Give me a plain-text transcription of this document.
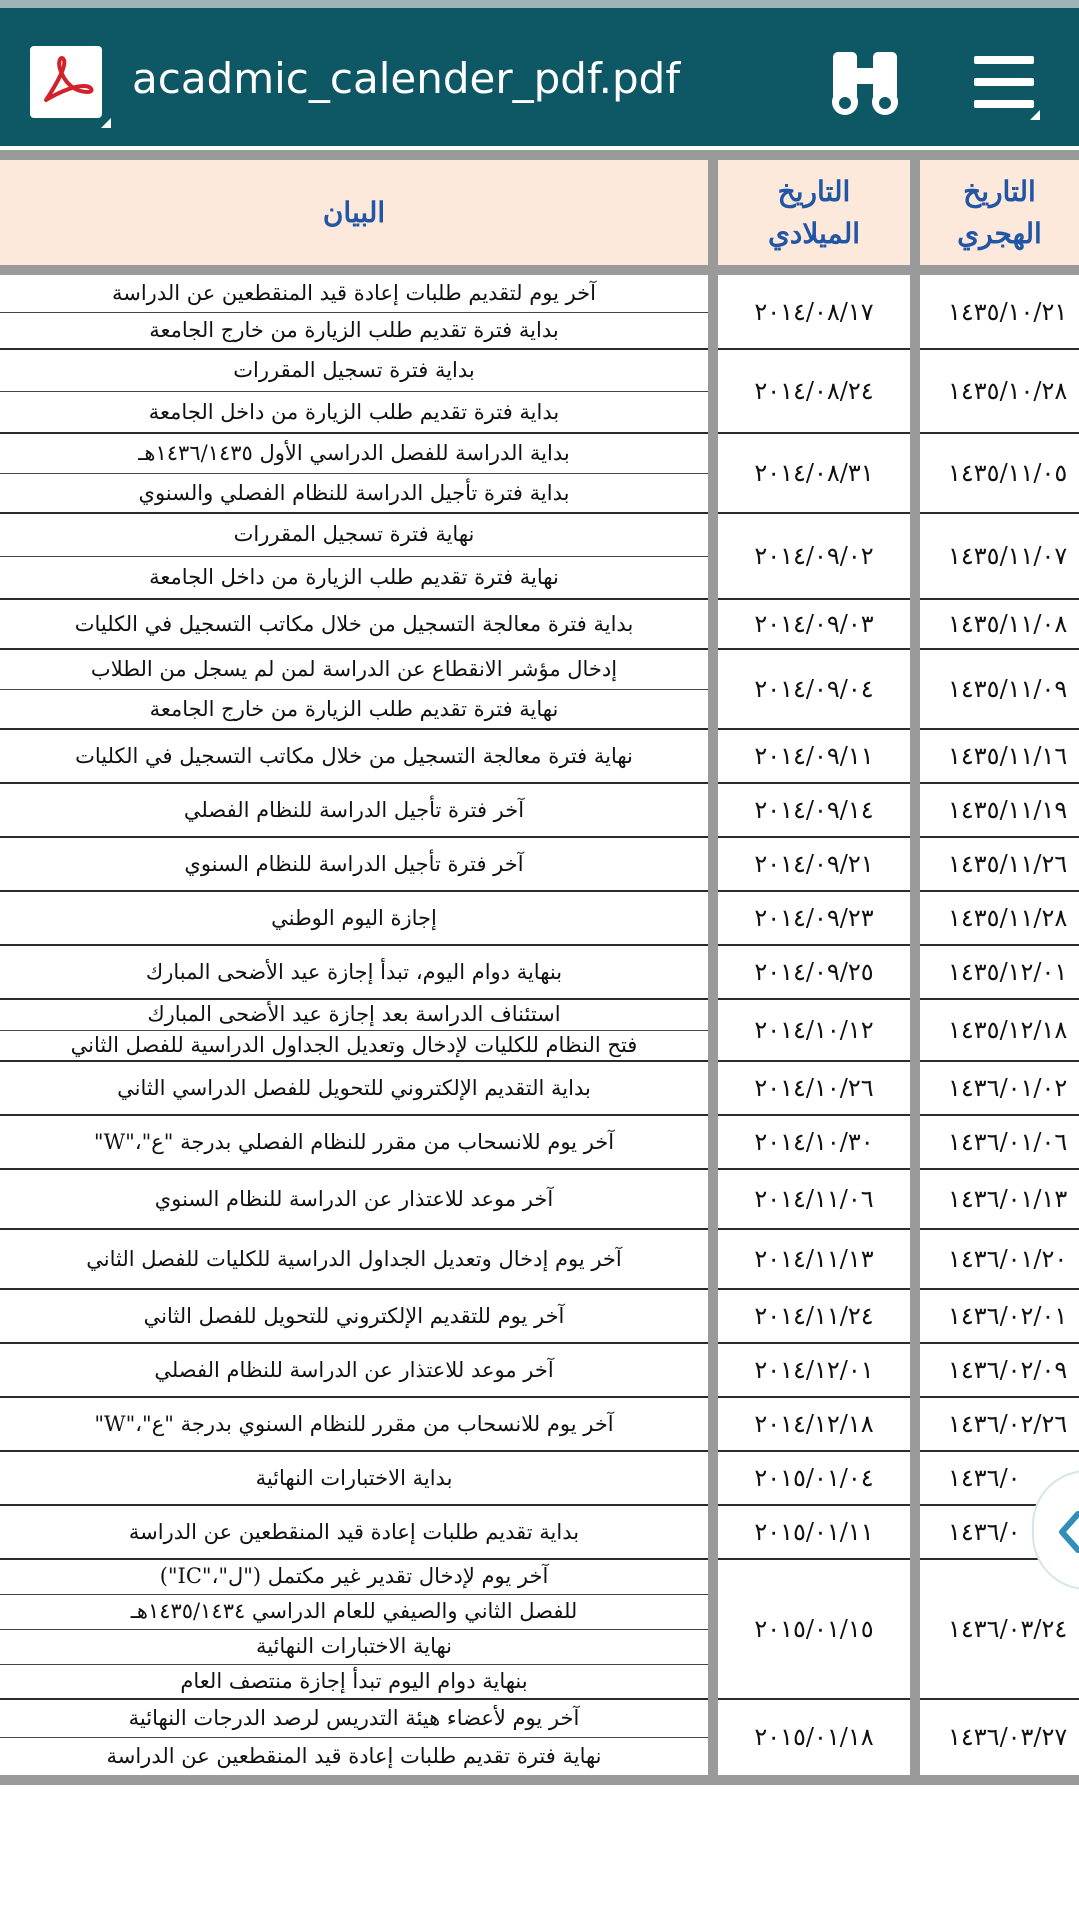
acadmic_calender_pdf.pdf
البيان
التاريخ
الميلادي
التاريخ
الهجري
آخر يوم لتقديم طلبات إعادة قيد المنقطعين عن الدراسة
بداية فترة تقديم طلب الزيارة من خارج الجامعة
بداية فترة تسجيل المقررات
بداية فترة تقديم طلب الزيارة من داخل الجامعة
بداية الدراسة للفصل الدراسي الأول ١٤٣٦/١٤٣٥هـ
بداية فترة تأجيل الدراسة للنظام الفصلي والسنوي
نهاية فترة تسجيل المقررات
نهاية فترة تقديم طلب الزيارة من داخل الجامعة
بداية فترة معالجة التسجيل من خلال مكاتب التسجيل في الكليات
إدخال مؤشر الانقطاع عن الدراسة لمن لم يسجل من الطلاب
نهاية فترة تقديم طلب الزيارة من خارج الجامعة
نهاية فترة معالجة التسجيل من خلال مكاتب التسجيل في الكليات
آخر فترة تأجيل الدراسة للنظام الفصلي
آخر فترة تأجيل الدراسة للنظام السنوي
إجازة اليوم الوطني
بنهاية دوام اليوم، تبدأ إجازة عيد الأضحى المبارك
استئناف الدراسة بعد إجازة عيد الأضحى المبارك
فتح النظام للكليات لإدخال وتعديل الجداول الدراسية للفصل الثاني
بداية التقديم الإلكتروني للتحويل للفصل الدراسي الثاني
آخر يوم للانسحاب من مقرر للنظام الفصلي بدرجة "ع"،"W"
آخر موعد للاعتذار عن الدراسة للنظام السنوي
آخر يوم إدخال وتعديل الجداول الدراسية للكليات للفصل الثاني
آخر يوم للتقديم الإلكتروني للتحويل للفصل الثاني
آخر موعد للاعتذار عن الدراسة للنظام الفصلي
آخر يوم للانسحاب من مقرر للنظام السنوي بدرجة "ع"،"W"
بداية الاختبارات النهائية
بداية تقديم طلبات إعادة قيد المنقطعين عن الدراسة
آخر يوم لإدخال تقدير غير مكتمل ("ل"،"IC")
للفصل الثاني والصيفي للعام الدراسي ١٤٣٥/١٤٣٤هـ
نهاية الاختبارات النهائية
بنهاية دوام اليوم تبدأ إجازة منتصف العام
آخر يوم لأعضاء هيئة التدريس لرصد الدرجات النهائية
نهاية فترة تقديم طلبات إعادة قيد المنقطعين عن الدراسة
٢٠١٤/٠٨/١٧
٢٠١٤/٠٨/٢٤
٢٠١٤/٠٨/٣١
٢٠١٤/٠٩/٠٢
٢٠١٤/٠٩/٠٣
٢٠١٤/٠٩/٠٤
٢٠١٤/٠٩/١١
٢٠١٤/٠٩/١٤
٢٠١٤/٠٩/٢١
٢٠١٤/٠٩/٢٣
٢٠١٤/٠٩/٢٥
٢٠١٤/١٠/١٢
٢٠١٤/١٠/٢٦
٢٠١٤/١٠/٣٠
٢٠١٤/١١/٠٦
٢٠١٤/١١/١٣
٢٠١٤/١١/٢٤
٢٠١٤/١٢/٠١
٢٠١٤/١٢/١٨
٢٠١٥/٠١/٠٤
٢٠١٥/٠١/١١
٢٠١٥/٠١/١٥
٢٠١٥/٠١/١٨
١٤٣٥/١٠/٢١
١٤٣٥/١٠/٢٨
١٤٣٥/١١/٠٥
١٤٣٥/١١/٠٧
١٤٣٥/١١/٠٨
١٤٣٥/١١/٠٩
١٤٣٥/١١/١٦
١٤٣٥/١١/١٩
١٤٣٥/١١/٢٦
١٤٣٥/١١/٢٨
١٤٣٥/١٢/٠١
١٤٣٥/١٢/١٨
١٤٣٦/٠١/٠٢
١٤٣٦/٠١/٠٦
١٤٣٦/٠١/١٣
١٤٣٦/٠١/٢٠
١٤٣٦/٠٢/٠١
١٤٣٦/٠٢/٠٩
١٤٣٦/٠٢/٢٦
١٤٣٦/٠
١٤٣٦/٠
١٤٣٦/٠٣/٢٤
١٤٣٦/٠٣/٢٧
